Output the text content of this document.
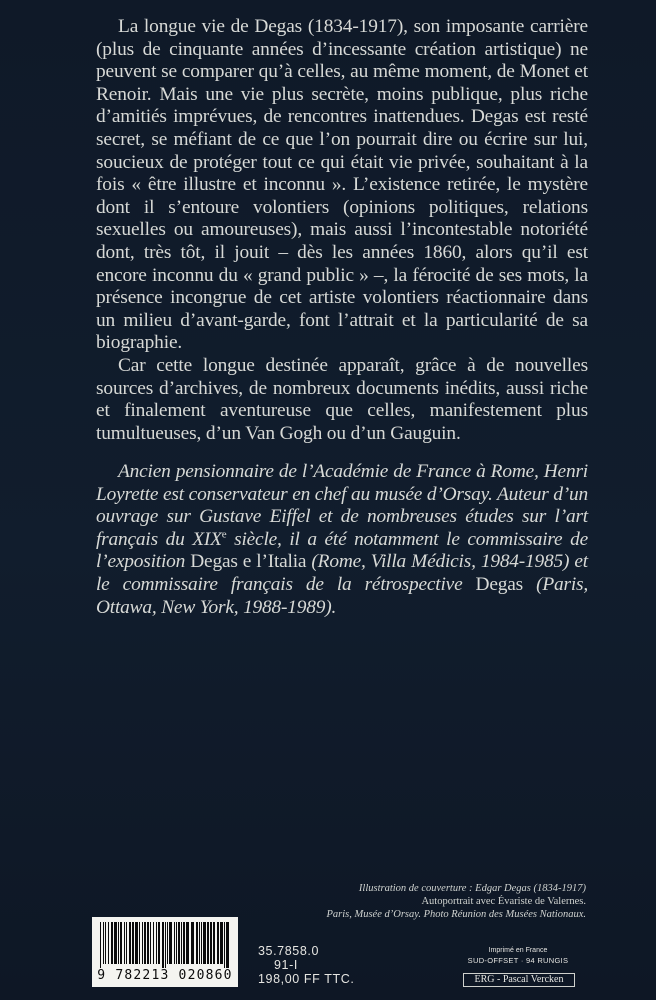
La longue vie de Degas (1834-1917), son imposante carrière (plus de cinquante années d’incessante création artistique) ne peuvent se comparer qu’à celles, au même moment, de Monet et Renoir. Mais une vie plus secrète, moins publique, plus riche d’amitiés imprévues, de rencontres inattendues. Degas est resté secret, se méfiant de ce que l’on pourrait dire ou écrire sur lui, soucieux de protéger tout ce qui était vie privée, souhaitant à la fois « être illustre et inconnu ». L’existence retirée, le mystère dont il s’entoure volontiers (opinions politiques, relations sexuelles ou amoureuses), mais aussi l’incontestable notoriété dont, très tôt, il jouit – dès les années 1860, alors qu’il est encore inconnu du « grand public » –, la férocité de ses mots, la présence incongrue de cet artiste volontiers réactionnaire dans un milieu d’avant-garde, font l’attrait et la particularité de sa biographie.

Car cette longue destinée apparaît, grâce à de nouvelles sources d’archives, de nombreux documents inédits, aussi riche et finalement aventureuse que celles, manifestement plus tumultueuses, d’un Van Gogh ou d’un Gauguin.

Ancien pensionnaire de l’Académie de France à Rome, Henri Loyrette est conservateur en chef au musée d’Orsay. Auteur d’un ouvrage sur Gustave Eiffel et de nombreuses études sur l’art français du XIXe siècle, il a été notamment le commissaire de l’exposition Degas e l’Italia (Rome, Villa Médicis, 1984-1985) et le commissaire français de la rétrospective Degas (Paris, Ottawa, New York, 1988-1989).

Illustration de couverture : Edgar Degas (1834-1917)
Autoportrait avec Évariste de Valernes.
Paris, Musée d’Orsay. Photo Réunion des Musées Nationaux.
9 782213 020860
35.7858.0
91-I
198,00 FF TTC.
Imprimé en France
SUD-OFFSET · 94 RUNGIS
ERG - Pascal Vercken
